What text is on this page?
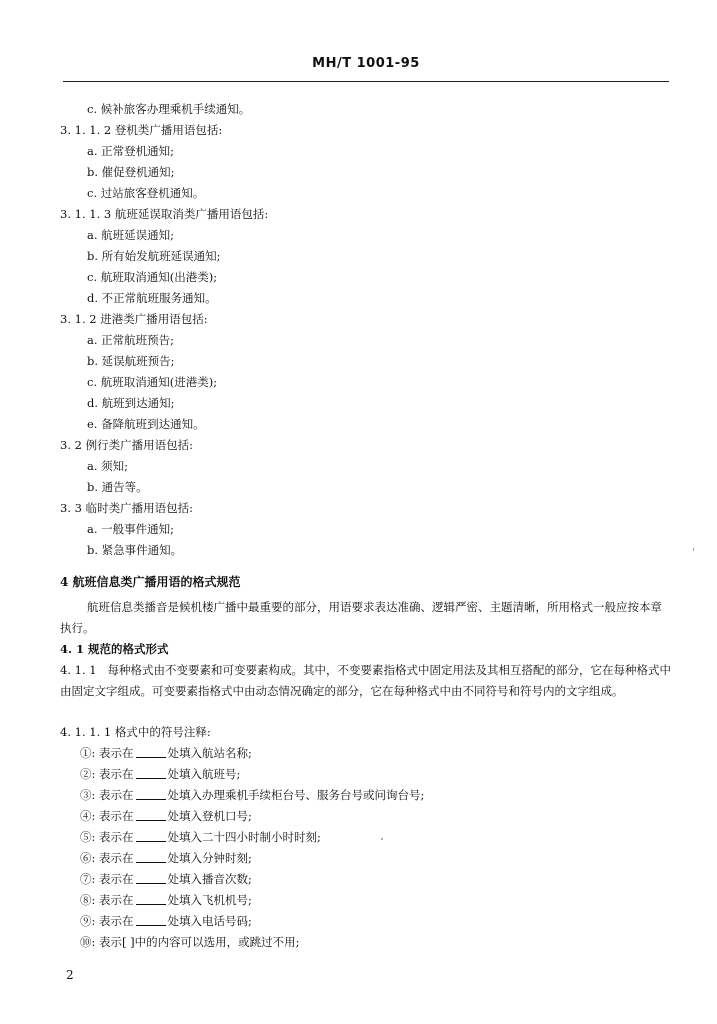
MH/T 1001-95
c. 候补旅客办理乘机手续通知。
3. 1. 1. 2 登机类广播用语包括:
a. 正常登机通知;
b. 催促登机通知;
c. 过站旅客登机通知。
3. 1. 1. 3 航班延误取消类广播用语包括:
a. 航班延误通知;
b. 所有始发航班延误通知;
c. 航班取消通知(出港类);
d. 不正常航班服务通知。
3. 1. 2 进港类广播用语包括:
a. 正常航班预告;
b. 延误航班预告;
c. 航班取消通知(进港类);
d. 航班到达通知;
e. 备降航班到达通知。
3. 2 例行类广播用语包括:
a. 须知;
b. 通告等。
3. 3 临时类广播用语包括:
a. 一般事件通知;
b. 紧急事件通知。
4 航班信息类广播用语的格式规范
航班信息类播音是候机楼广播中最重要的部分，用语要求表达准确、逻辑严密、主题清晰，所用格式一般应按本章执行。
4. 1 规范的格式形式
4. 1. 1 每种格式由不变要素和可变要素构成。其中，不变要素指格式中固定用法及其相互搭配的部分，它在每种格式中由固定文字组成。可变要素指格式中由动态情况确定的部分，它在每种格式中由不同符号和符号内的文字组成。
4. 1. 1. 1 格式中的符号注释:
①: 表示在	处填入航站名称;
②: 表示在	处填入航班号;
③: 表示在	处填入办理乘机手续柜台号、服务台号或问询台号;
④: 表示在	处填入登机口号;
⑤: 表示在	处填入二十四小时制小时时刻;
⑥: 表示在	处填入分钟时刻;
⑦: 表示在	处填入播音次数;
⑧: 表示在	处填入飞机机号;
⑨: 表示在	处填入电话号码;
⑩: 表示[ ]中的内容可以选用，或跳过不用;
2
